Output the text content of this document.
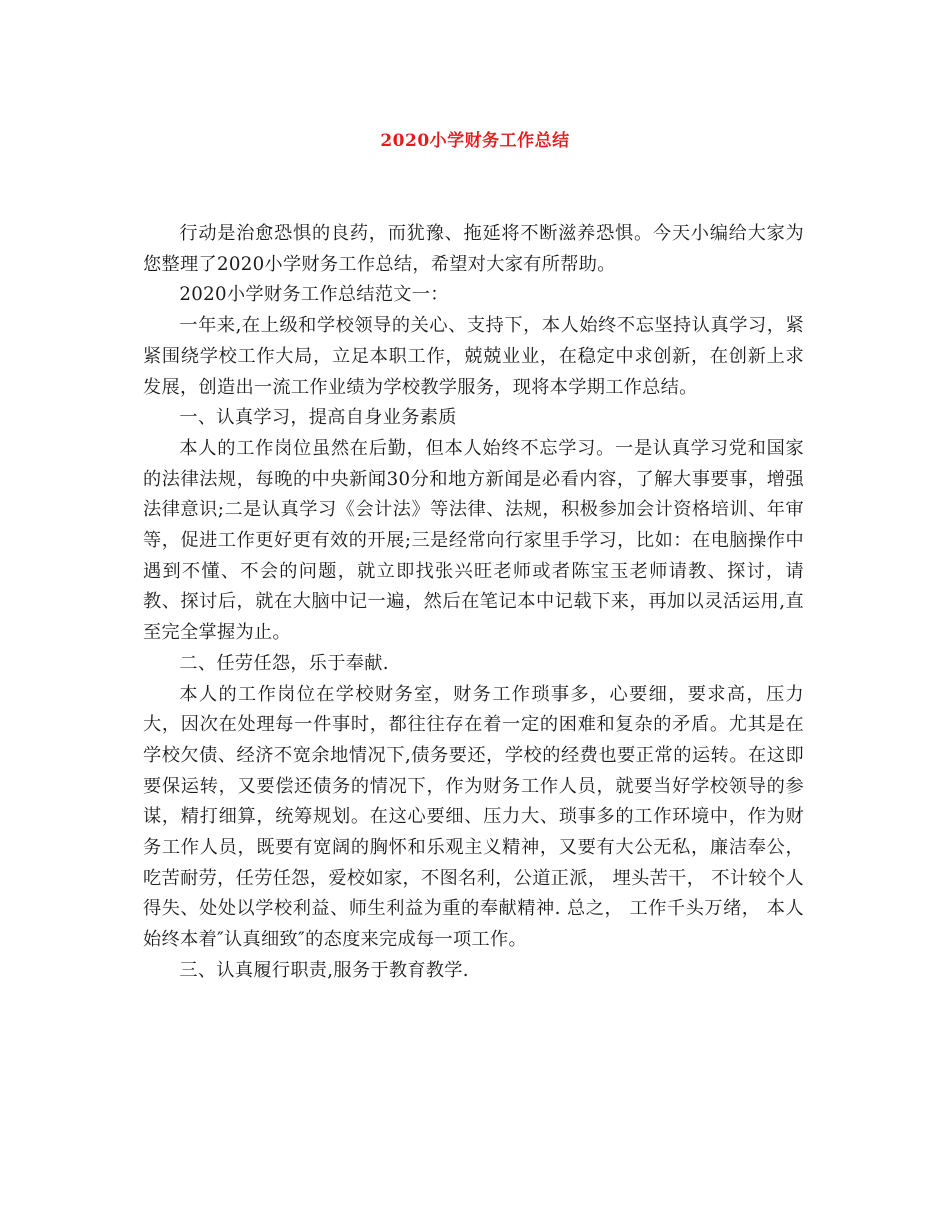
2020小学财务工作总结

行动是治愈恐惧的良药，而犹豫、拖延将不断滋养恐惧。今天小编给大家为您整理了2020小学财务工作总结，希望对大家有所帮助。

2020小学财务工作总结范文一：

一年来,在上级和学校领导的关心、支持下，本人始终不忘坚持认真学习，紧紧围绕学校工作大局，立足本职工作，兢兢业业，在稳定中求创新，在创新上求发展，创造出一流工作业绩为学校教学服务，现将本学期工作总结。

一、认真学习，提高自身业务素质

本人的工作岗位虽然在后勤，但本人始终不忘学习。一是认真学习党和国家的法律法规，每晚的中央新闻30分和地方新闻是必看内容，了解大事要事，增强法律意识;二是认真学习《会计法》等法律、法规，积极参加会计资格培训、年审等，促进工作更好更有效的开展;三是经常向行家里手学习，比如：在电脑操作中遇到不懂、不会的问题，就立即找张兴旺老师或者陈宝玉老师请教、探讨，请教、探讨后，就在大脑中记一遍，然后在笔记本中记载下来，再加以灵活运用,直至完全掌握为止。

二、任劳任怨，乐于奉献.

本人的工作岗位在学校财务室，财务工作琐事多，心要细，要求高，压力大，因次在处理每一件事时，都往往存在着一定的困难和复杂的矛盾。尤其是在学校欠债、经济不宽余地情况下,债务要还，学校的经费也要正常的运转。在这即要保运转，又要偿还债务的情况下，作为财务工作人员，就要当好学校领导的参谋，精打细算，统筹规划。在这心要细、压力大、琐事多的工作环境中，作为财务工作人员，既要有宽阔的胸怀和乐观主义精神，又要有大公无私，廉洁奉公，吃苦耐劳，任劳任怨，爱校如家，不图名利，公道正派， 埋头苦干， 不计较个人得失、处处以学校利益、师生利益为重的奉献精神. 总之， 工作千头万绪， 本人始终本着″认真细致″的态度来完成每一项工作。

三、认真履行职责,服务于教育教学.
